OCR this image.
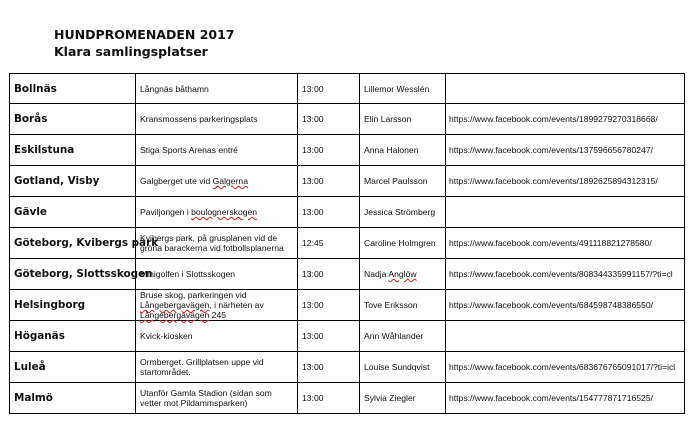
HUNDPROMENADEN 2017
Klara samlingsplatser
Bollnäs	Långnäs båthamn	13:00	Lillemor Wesslén	
Borås	Kransmossens parkeringsplats	13:00	Elin Larsson	https://www.facebook.com/events/1899279270318668/
Eskilstuna	Stiga Sports Arenas entré	13:00	Anna Halonen	https://www.facebook.com/events/137596656780247/
Gotland, Visby	Galgberget ute vid Galgerna	13:00	Marcel Paulsson	https://www.facebook.com/events/1892625894312315/
Gävle	Paviljongen i boulognerskogen	13:00	Jessica Strömberg	
Göteborg, Kvibergs park	Kvibergs park, på grusplanen vid de gröna barackerna vid fotbollsplanerna	12:45	Caroline Holmgren	https://www.facebook.com/events/491118821278580/
Göteborg, Slottsskogen	Minigolfen i Slottsskogen	13:00	Nadja Anglöw	https://www.facebook.com/events/808344335991157/?ti=cl
Helsingborg	Bruse skog, parkeringen vid Långebergavägen, i närheten av Långebergavägen 245	13:00	Tove Eriksson	https://www.facebook.com/events/684598748386550/
Höganäs	Kvick-kiosken	13:00	Ann Wåhlander	
Luleå	Ormberget. Grillplatsen uppe vid startområdet.	13:00	Louise Sundqvist	https://www.facebook.com/events/683676765091017/?ti=icl
Malmö	Utanför Gamla Stadion (sidan som vetter mot Pildammsparken)	13:00	Sylvia Ziegler	https://www.facebook.com/events/154777871716525/
